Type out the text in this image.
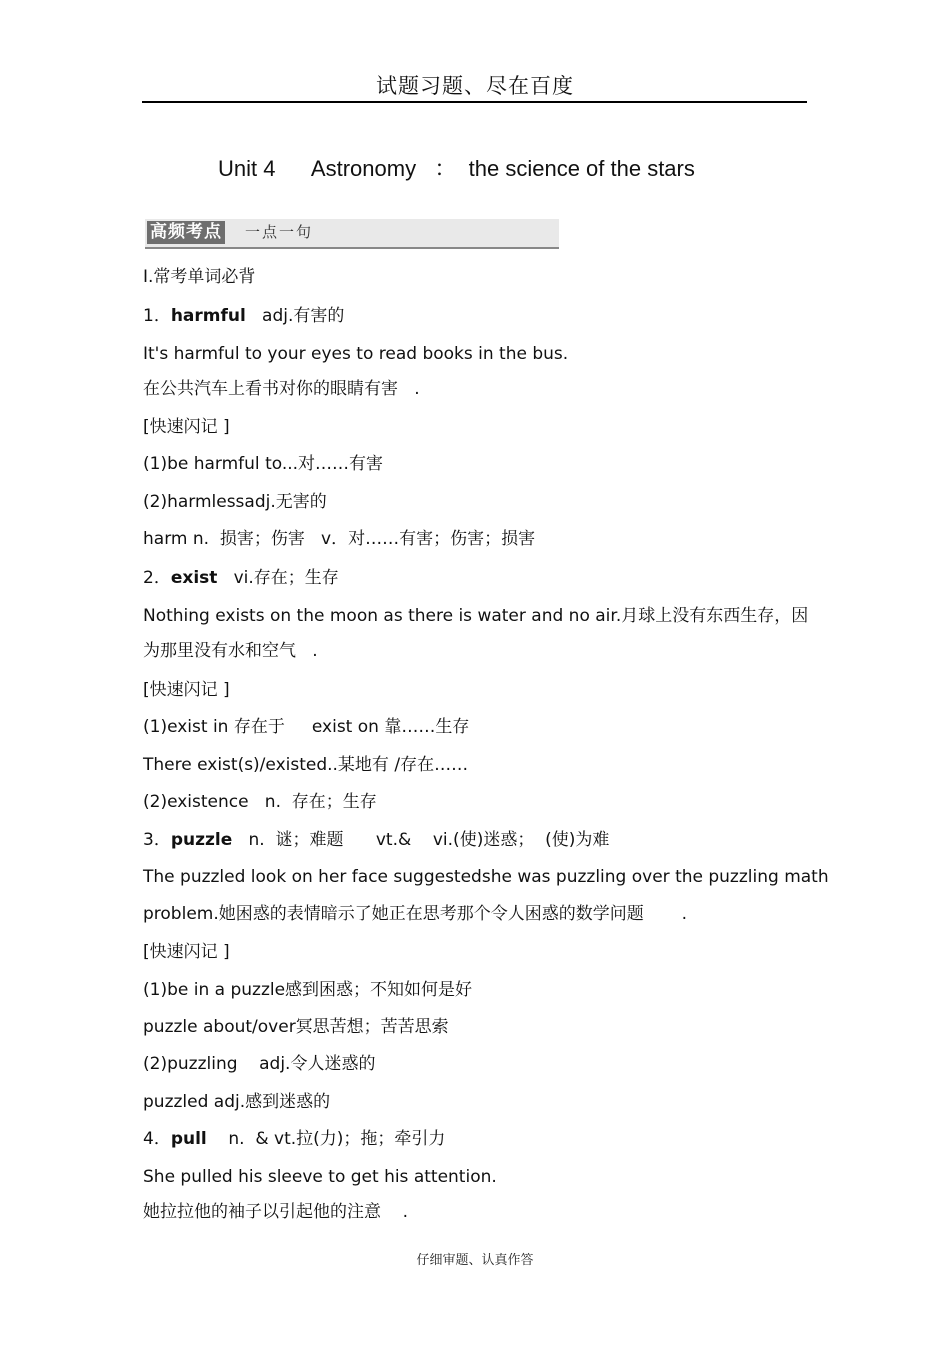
试题习题、尽在百度
Unit 4      Astronomy   ：  the science of the stars
高频考点 一点一句
Ⅰ.常考单词必背
1．harmful   adj.有害的
It's harmful to your eyes to read books in the bus.
在公共汽车上看书对你的眼睛有害   .
[快速闪记 ]
(1)be harmful to...对……有害
(2)harmlessadj.无害的
harm n.  损害；伤害   v．对……有害；伤害；损害
2．exist   vi.存在；生存
Nothing exists on the moon as there is water and no air.月球上没有东西生存，因
为那里没有水和空气   .
[快速闪记 ]
(1)exist in 存在于     exist on 靠……生存
There exist(s)/existed..某地有 /存在……
(2)existence   n.  存在；生存
3．puzzle   n.  谜；难题      vt.&    vi.(使)迷惑；  (使)为难
The puzzled look on her face suggestedshe was puzzling over the puzzling math
problem.她困惑的表情暗示了她正在思考那个令人困惑的数学问题       .
[快速闪记 ]
(1)be in a puzzle感到困惑；不知如何是好
puzzle about/over冥思苦想；苦苦思索
(2)puzzling    adj.令人迷惑的
puzzled adj.感到迷惑的
4．pull    n.  & vt.拉(力)；拖；牵引力
She pulled his sleeve to get his attention.
她拉拉他的袖子以引起他的注意    .
仔细审题、认真作答
